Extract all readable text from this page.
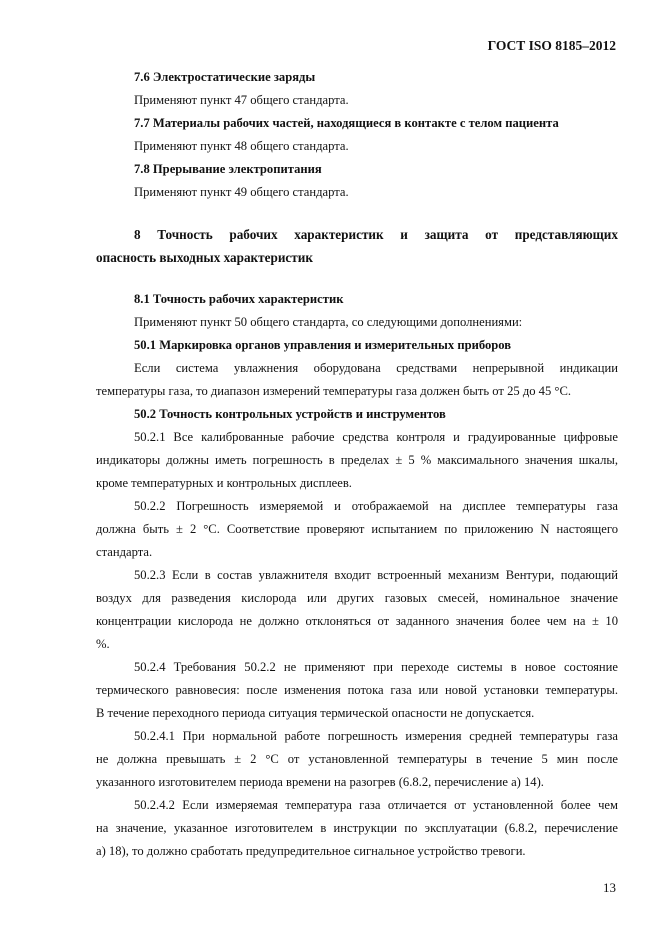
ГОСТ ISO 8185–2012
7.6 Электростатические заряды
Применяют пункт 47 общего стандарта.
7.7 Материалы рабочих частей, находящиеся в контакте с телом пациента
Применяют пункт 48 общего стандарта.
7.8 Прерывание электропитания
Применяют пункт 49 общего стандарта.
8 Точность рабочих характеристик и защита от представляющих
опасность выходных характеристик
8.1 Точность рабочих характеристик
Применяют пункт 50 общего стандарта, со следующими дополнениями:
50.1 Маркировка органов управления и измерительных приборов
Если система увлажнения оборудована средствами непрерывной индикации
температуры газа, то диапазон измерений температуры газа должен быть от 25 до 45 °С.
50.2 Точность контрольных устройств и инструментов
50.2.1 Все калиброванные рабочие средства контроля и градуированные цифровые
индикаторы должны иметь погрешность в пределах ± 5 % максимального значения шкалы,
кроме температурных и контрольных дисплеев.
50.2.2 Погрешность измеряемой и отображаемой на дисплее температуры газа
должна быть ± 2 °С. Соответствие проверяют испытанием по приложению N настоящего
стандарта.
50.2.3 Если в состав увлажнителя входит встроенный механизм Вентури, подающий
воздух для разведения кислорода или других газовых смесей, номинальное значение
концентрации кислорода не должно отклоняться от заданного значения более чем на ± 10
%.
50.2.4 Требования 50.2.2 не применяют при переходе системы в новое состояние
термического равновесия: после изменения потока газа или новой установки температуры.
В течение переходного периода ситуация термической опасности не допускается.
50.2.4.1 При нормальной работе погрешность измерения средней температуры газа
не должна превышать ± 2 °С от установленной температуры в течение 5 мин после
указанного изготовителем периода времени на разогрев (6.8.2, перечисление а) 14).
50.2.4.2 Если измеряемая температура газа отличается от установленной более чем
на значение, указанное изготовителем в инструкции по эксплуатации (6.8.2, перечисление
а) 18), то должно сработать предупредительное сигнальное устройство тревоги.
13
